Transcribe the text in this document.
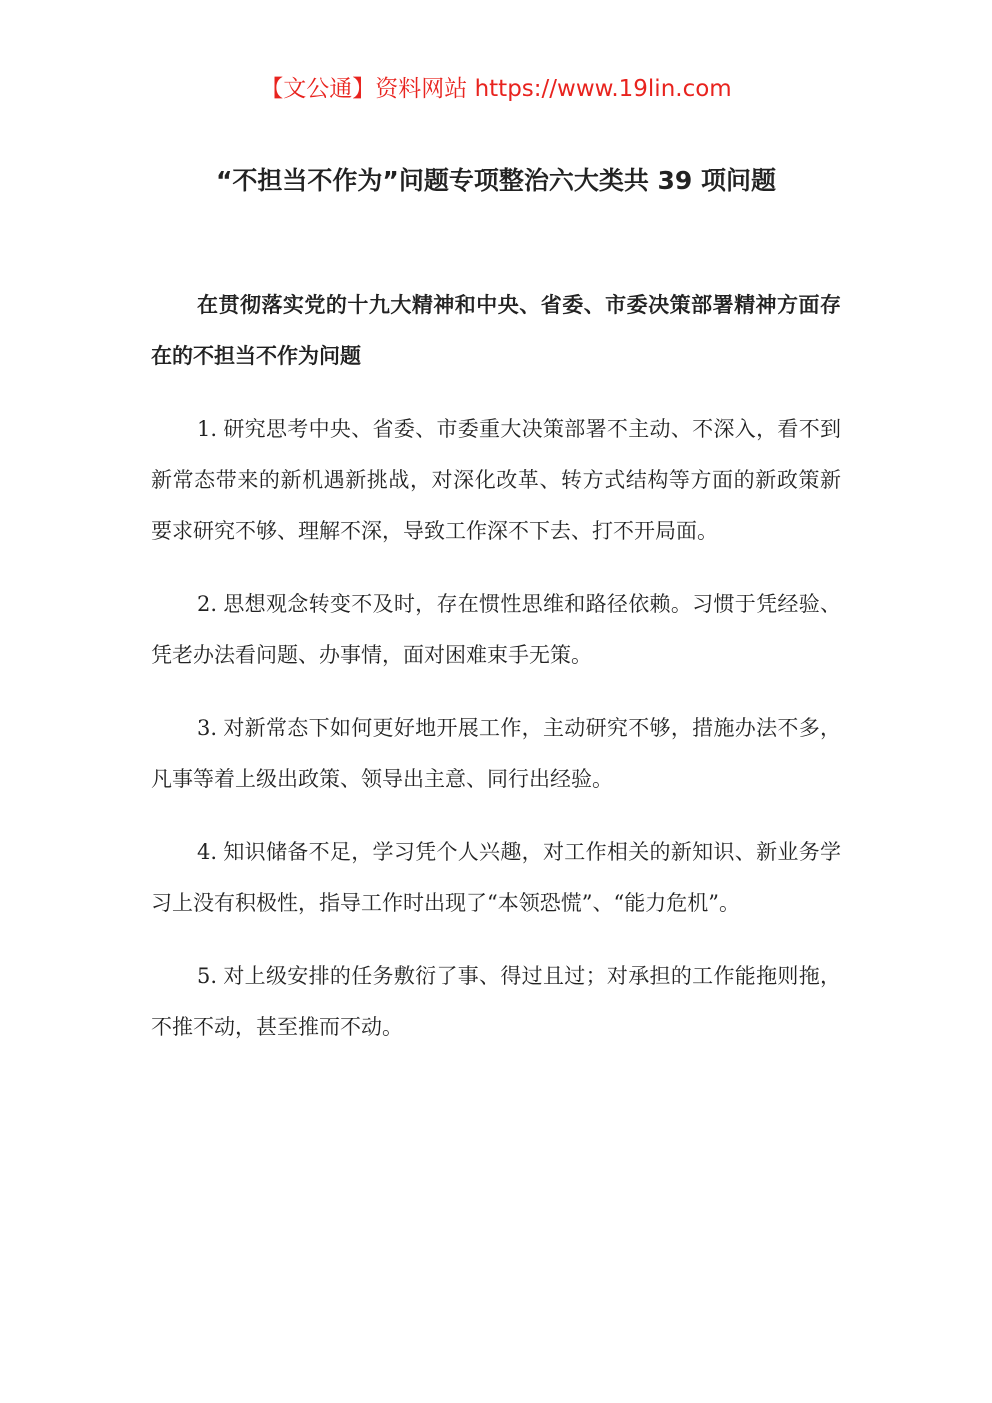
【文公通】资料网站 https://www.19lin.com
“不担当不作为”问题专项整治六大类共 39 项问题

在贯彻落实党的十九大精神和中央、省委、市委决策部署精神方面存在的不担当不作为问题

1. 研究思考中央、省委、市委重大决策部署不主动、不深入，看不到新常态带来的新机遇新挑战，对深化改革、转方式结构等方面的新政策新要求研究不够、理解不深，导致工作深不下去、打不开局面。

2. 思想观念转变不及时，存在惯性思维和路径依赖。习惯于凭经验、凭老办法看问题、办事情，面对困难束手无策。

3. 对新常态下如何更好地开展工作，主动研究不够，措施办法不多，凡事等着上级出政策、领导出主意、同行出经验。

4. 知识储备不足，学习凭个人兴趣，对工作相关的新知识、新业务学习上没有积极性，指导工作时出现了“本领恐慌”、“能力危机”。

5. 对上级安排的任务敷衍了事、得过且过；对承担的工作能拖则拖，不推不动，甚至推而不动。
